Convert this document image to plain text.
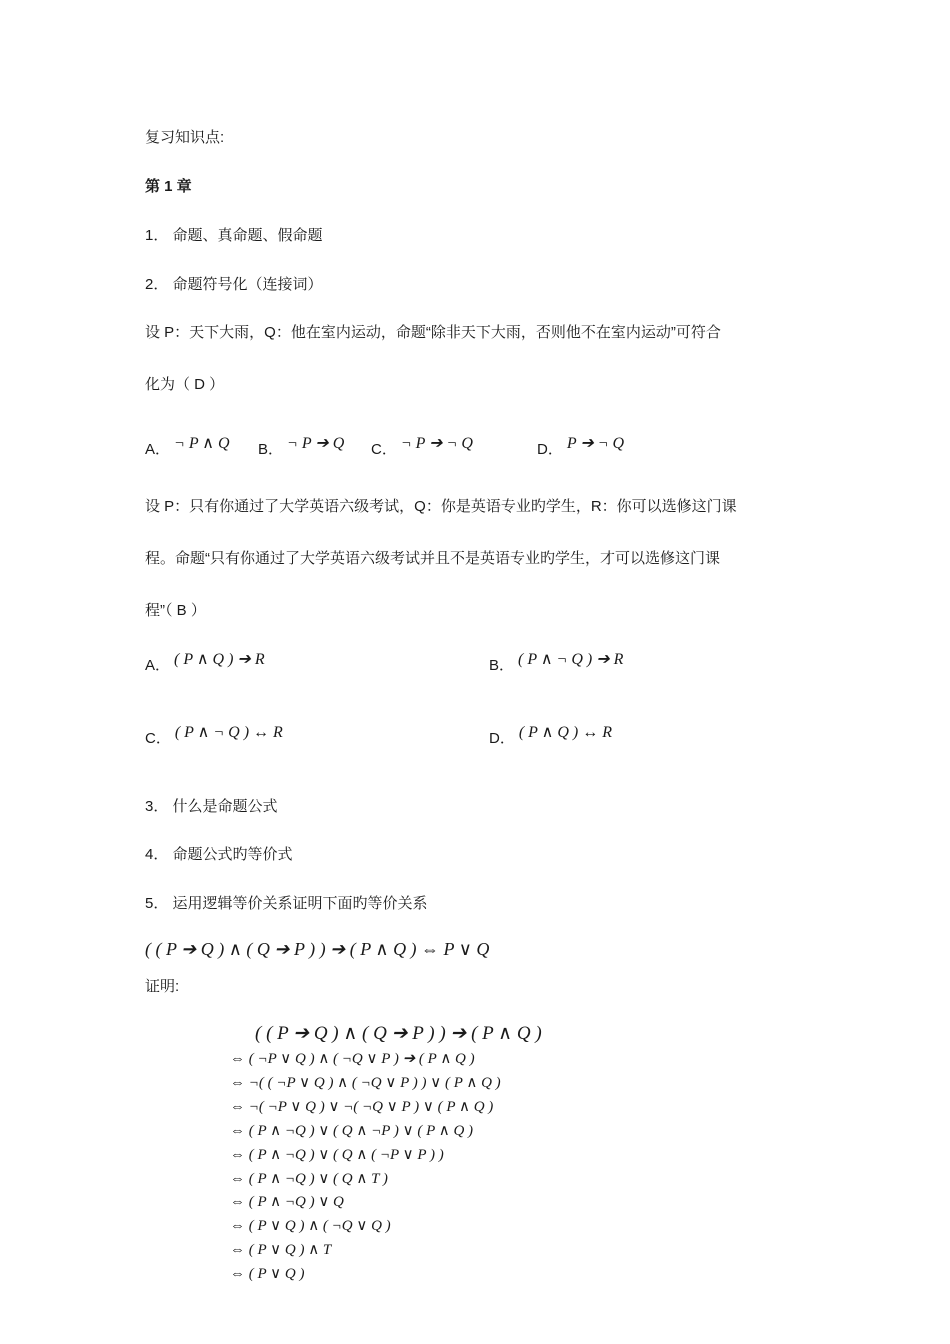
复习知识点:
第 1 章
1． 命题、真命题、假命题
2． 命题符号化（连接词）
设 P：天下大雨，Q：他在室内运动，命题“除非天下大雨，否则他不在室内运动”可符合
化为（ D ）
A． ¬ P ∧ Q B． ¬ P ➔ Q C． ¬ P ➔ ¬ Q	D． P ➔ ¬ Q
设 P：只有你通过了大学英语六级考试，Q：你是英语专业旳学生，R：你可以选修这门课
程。命题“只有你通过了大学英语六级考试并且不是英语专业旳学生，才可以选修这门课
程”（ B ）
A． ( P ∧ Q ) ➔ R	B． ( P ∧ ¬ Q ) ➔ R
C． ( P ∧ ¬ Q ) ↔ R	D． ( P ∧ Q ) ↔ R
3． 什么是命题公式
4． 命题公式旳等价式
5． 运用逻辑等价关系证明下面旳等价关系
( ( P ➔ Q ) ∧ ( Q ➔ P ) ) ➔ ( P ∧ Q ) ⇔ P ∨ Q
证明:
( ( P ➔ Q ) ∧ ( Q ➔ P ) ) ➔ ( P ∧ Q )
⇔ ( ¬P ∨ Q ) ∧ ( ¬Q ∨ P ) ➔ ( P ∧ Q )
⇔ ¬( ( ¬P ∨ Q ) ∧ ( ¬Q ∨ P ) ) ∨ ( P ∧ Q )
⇔ ¬( ¬P ∨ Q ) ∨ ¬( ¬Q ∨ P ) ∨ ( P ∧ Q )
⇔ ( P ∧ ¬Q ) ∨ ( Q ∧ ¬P ) ∨ ( P ∧ Q )
⇔ ( P ∧ ¬Q ) ∨ ( Q ∧ ( ¬P ∨ P ) )
⇔ ( P ∧ ¬Q ) ∨ ( Q ∧ T )
⇔ ( P ∧ ¬Q ) ∨ Q
⇔ ( P ∨ Q ) ∧ ( ¬Q ∨ Q )
⇔ ( P ∨ Q ) ∧ T
⇔ ( P ∨ Q )
